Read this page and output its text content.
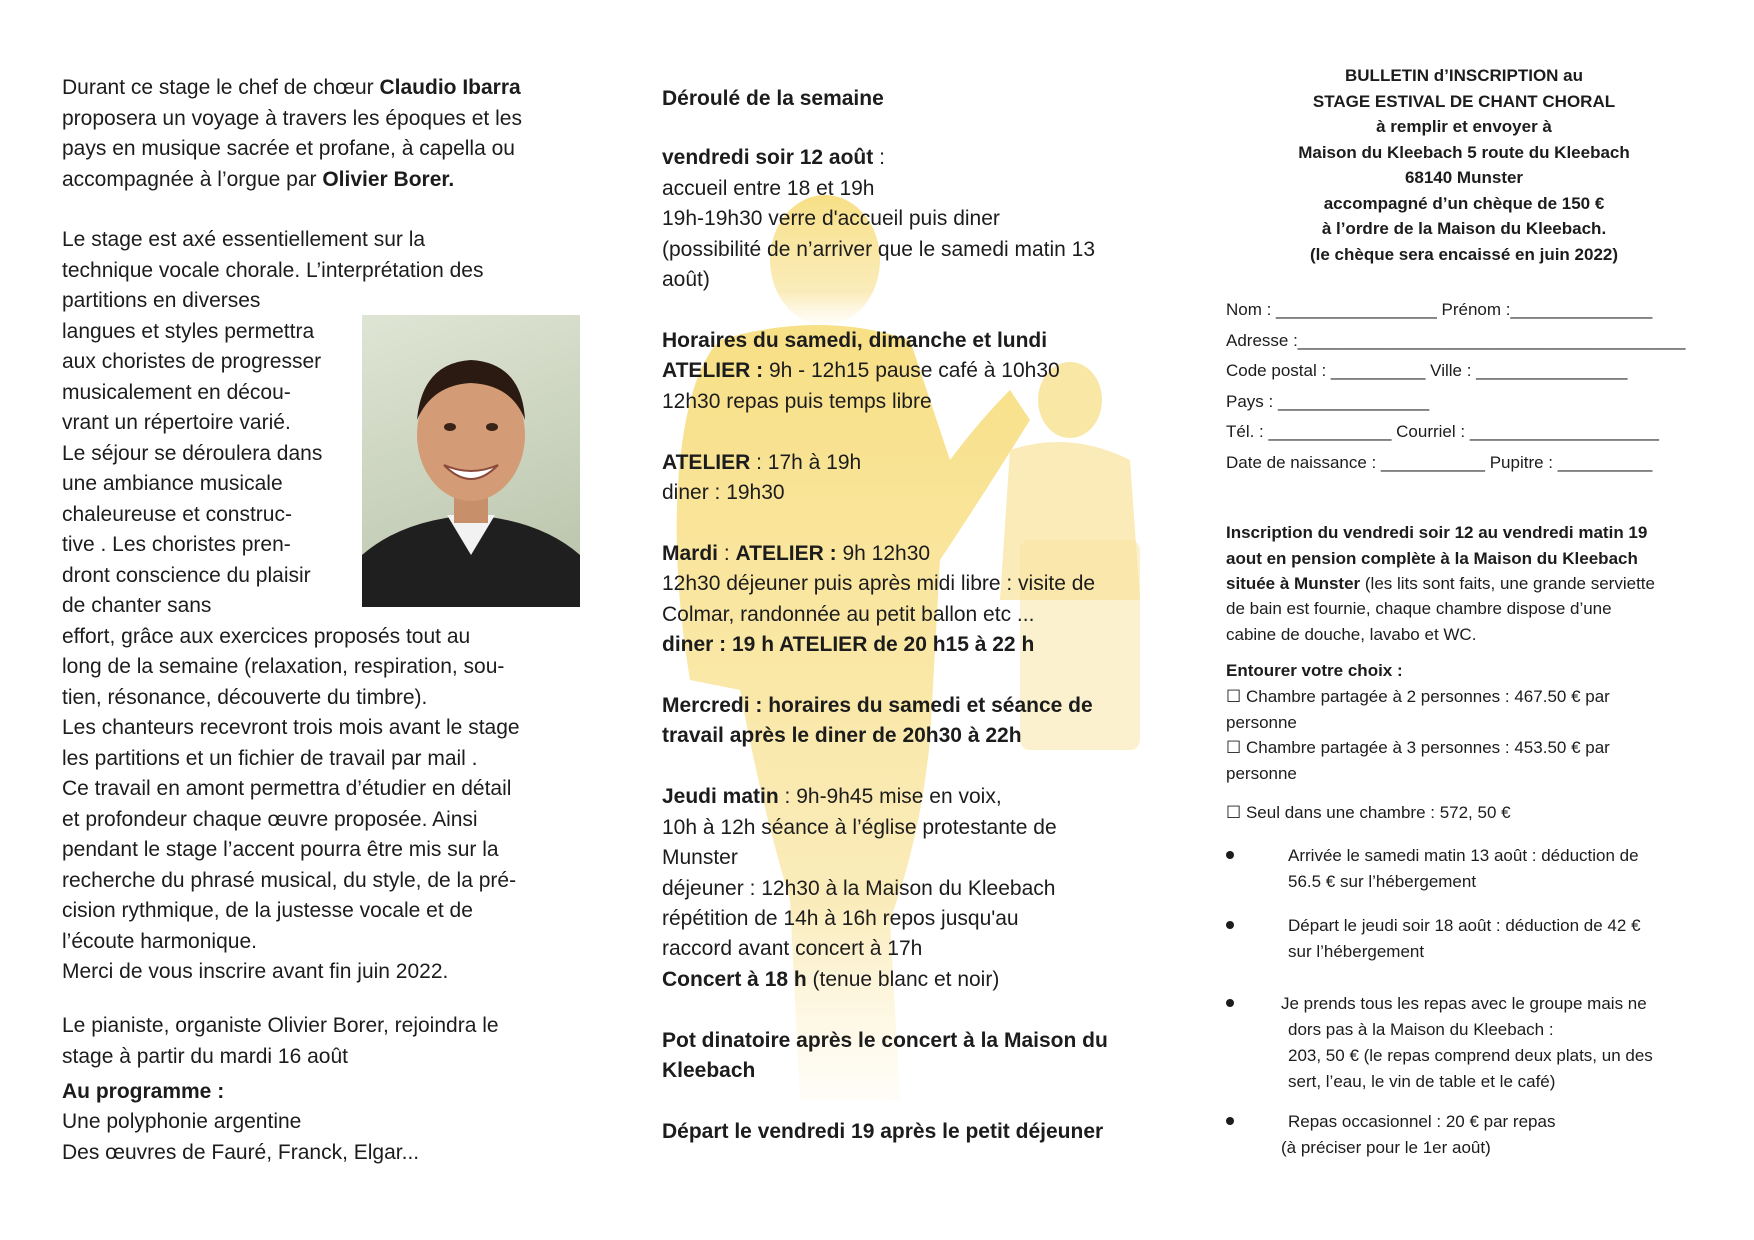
Durant ce stage le chef de chœur Claudio Ibarra
proposera un voyage à travers les époques et les
pays en musique sacrée et profane, à capella ou
accompagnée à l’orgue par Olivier Borer.
Le stage est axé essentiellement sur la
technique vocale chorale. L’interprétation des
partitions en diverses
langues et styles permettra
aux choristes de progresser
musicalement en décou-
vrant un répertoire varié.
Le séjour se déroulera dans
une ambiance musicale
chaleureuse et construc-
tive . Les choristes pren-
dront conscience du plaisir
de chanter sans
effort, grâce aux exercices proposés tout au
long de la semaine (relaxation, respiration, sou-
tien, résonance, découverte du timbre).
Les chanteurs recevront trois mois avant le stage
les partitions et un fichier de travail par mail .
Ce travail en amont permettra d’étudier en détail
et profondeur chaque œuvre proposée. Ainsi
pendant le stage l’accent pourra être mis sur la
recherche du phrasé musical, du style, de la pré-
cision rythmique, de la justesse vocale et de
l’écoute harmonique.
Merci de vous inscrire avant fin juin 2022.
Le pianiste, organiste Olivier Borer, rejoindra le
stage à partir du mardi 16 août
Au programme :
Une polyphonie argentine
Des œuvres de Fauré, Franck, Elgar...
Déroulé de la semaine
vendredi soir 12 août :
accueil entre 18 et 19h
19h-19h30 verre d'accueil puis diner
(possibilité de n’arriver que le samedi matin 13
août)
Horaires du samedi, dimanche et lundi
ATELIER : 9h - 12h15 pause café à 10h30
12h30 repas puis temps libre
ATELIER : 17h à 19h
diner : 19h30
Mardi : ATELIER : 9h 12h30
12h30 déjeuner puis après midi libre : visite de
Colmar, randonnée au petit ballon etc ...
diner : 19 h ATELIER de 20 h15 à 22 h
Mercredi : horaires du samedi et séance de
travail après le diner de 20h30 à 22h
Jeudi matin : 9h-9h45 mise en voix,
10h à 12h séance à l’église protestante de
Munster
déjeuner : 12h30 à la Maison du Kleebach
répétition de 14h à 16h repos jusqu'au
raccord avant concert à 17h
Concert à 18 h (tenue blanc et noir)
Pot dinatoire après le concert à la Maison du
Kleebach
Départ le vendredi 19 après le petit déjeuner
BULLETIN d’INSCRIPTION au
STAGE ESTIVAL DE CHANT CHORAL
à remplir et envoyer à
Maison du Kleebach 5 route du Kleebach
68140 Munster
accompagné d’un chèque de 150 €
à l’ordre de la Maison du Kleebach.
(le chèque sera encaissé en juin 2022)
Nom : _________________ Prénom :_______________
Adresse :_________________________________________
Code postal : __________ Ville : ________________
Pays : ________________
Tél. : _____________ Courriel : ____________________
Date de naissance : ___________ Pupitre : __________
Inscription du vendredi soir 12 au vendredi matin 19
aout en pension complète à la Maison du Kleebach
située à Munster (les lits sont faits, une grande serviette
de bain est fournie, chaque chambre dispose d’une
cabine de douche, lavabo et WC.
Entourer votre choix :
☐ Chambre partagée à 2 personnes : 467.50 € par
personne
☐ Chambre partagée à 3 personnes : 453.50 € par
personne
☐ Seul dans une chambre : 572, 50 €
Arrivée le samedi matin 13 août : déduction de
56.5 € sur l’hébergement
Départ le jeudi soir 18 août : déduction de 42 €
sur l’hébergement
Je prends tous les repas avec le groupe mais ne
dors pas à la Maison du Kleebach :
203, 50 € (le repas comprend deux plats, un des
sert, l’eau, le vin de table et le café)
Repas occasionnel : 20 € par repas
(à préciser pour le 1er août)
